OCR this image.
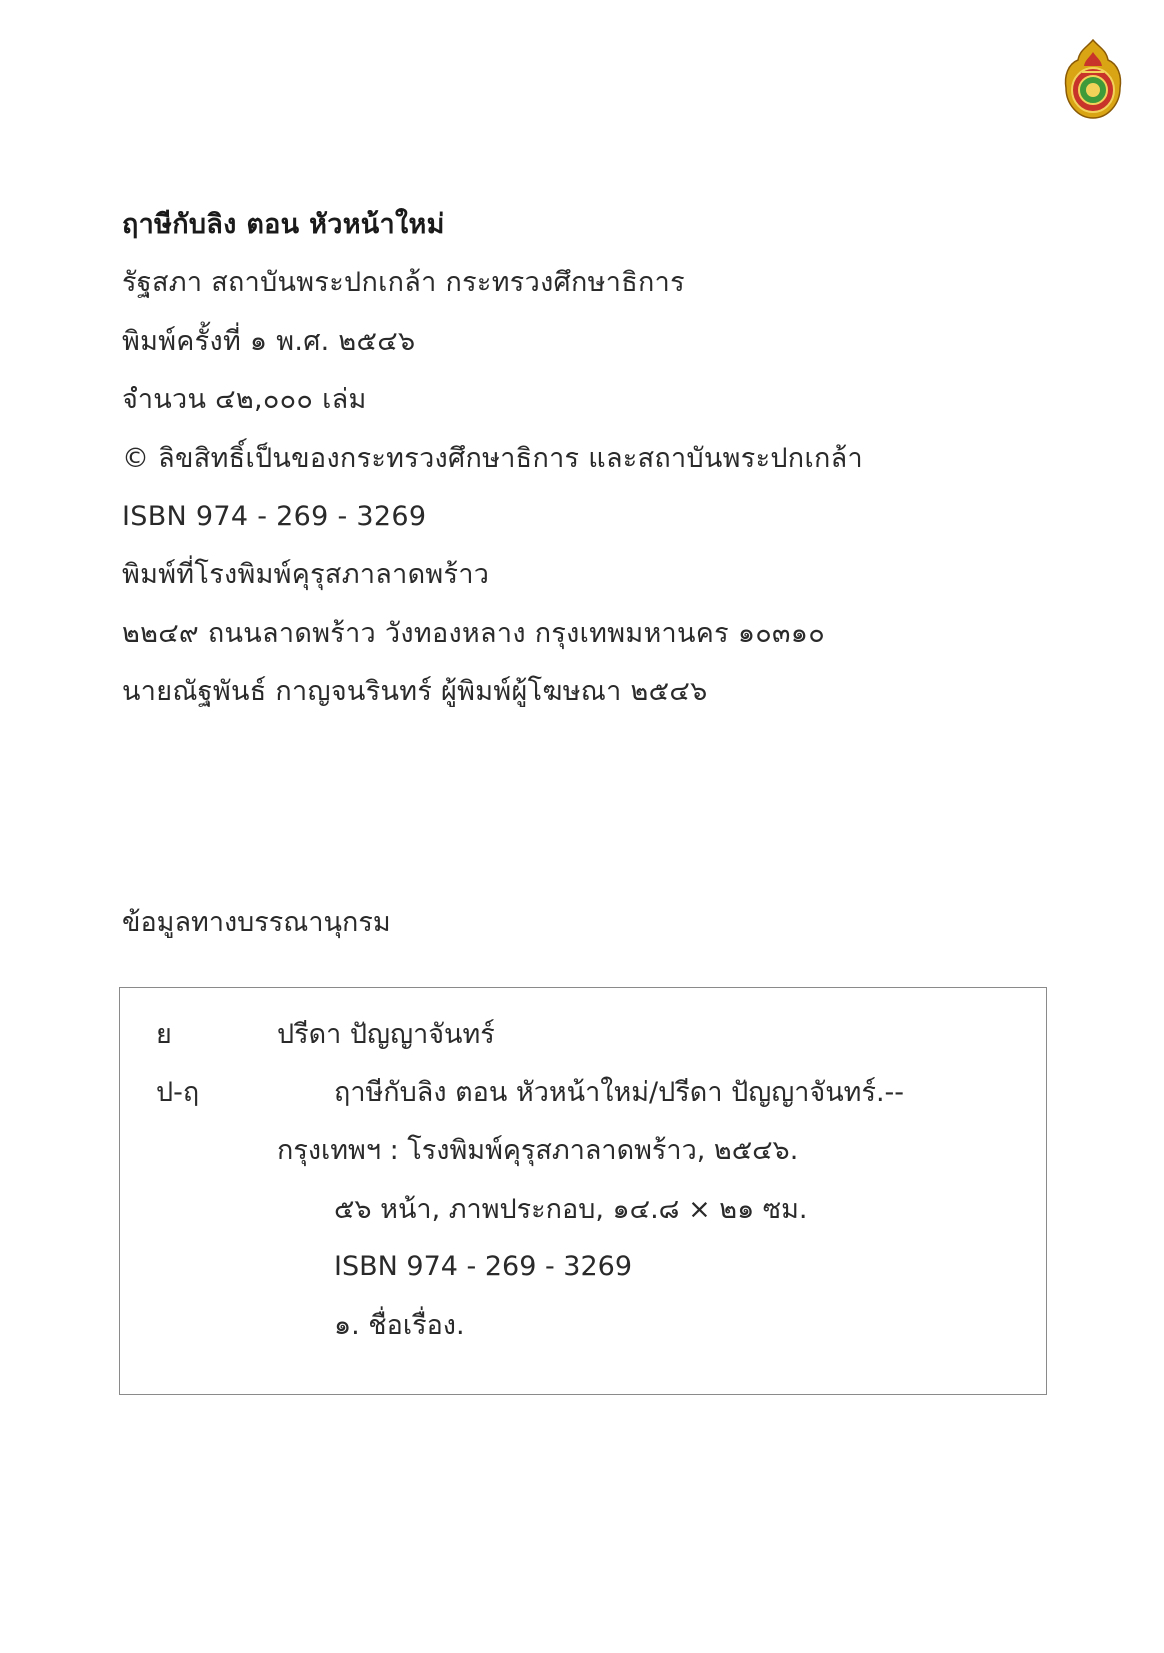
ฤาษีกับลิง ตอน หัวหน้าใหม่
รัฐสภา สถาบันพระปกเกล้า กระทรวงศึกษาธิการ
พิมพ์ครั้งที่ ๑ พ.ศ. ๒๕๔๖
จำนวน ๔๒,๐๐๐ เล่ม
© ลิขสิทธิ์เป็นของกระทรวงศึกษาธิการ และสถาบันพระปกเกล้า
ISBN 974 - 269 - 3269
พิมพ์ที่โรงพิมพ์คุรุสภาลาดพร้าว
๒๒๔๙ ถนนลาดพร้าว วังทองหลาง กรุงเทพมหานคร ๑๐๓๑๐
นายณัฐพันธ์ กาญจนรินทร์ ผู้พิมพ์ผู้โฆษณา ๒๕๔๖
ข้อมูลทางบรรณานุกรม
ย	ปรีดา ปัญญาจันทร์
ป-ฤ	ฤาษีกับลิง ตอน หัวหน้าใหม่/ปรีดา ปัญญาจันทร์.--
กรุงเทพฯ : โรงพิมพ์คุรุสภาลาดพร้าว, ๒๕๔๖.
๕๖ หน้า, ภาพประกอบ, ๑๔.๘ × ๒๑ ซม.
ISBN 974 - 269 - 3269
๑. ชื่อเรื่อง.
